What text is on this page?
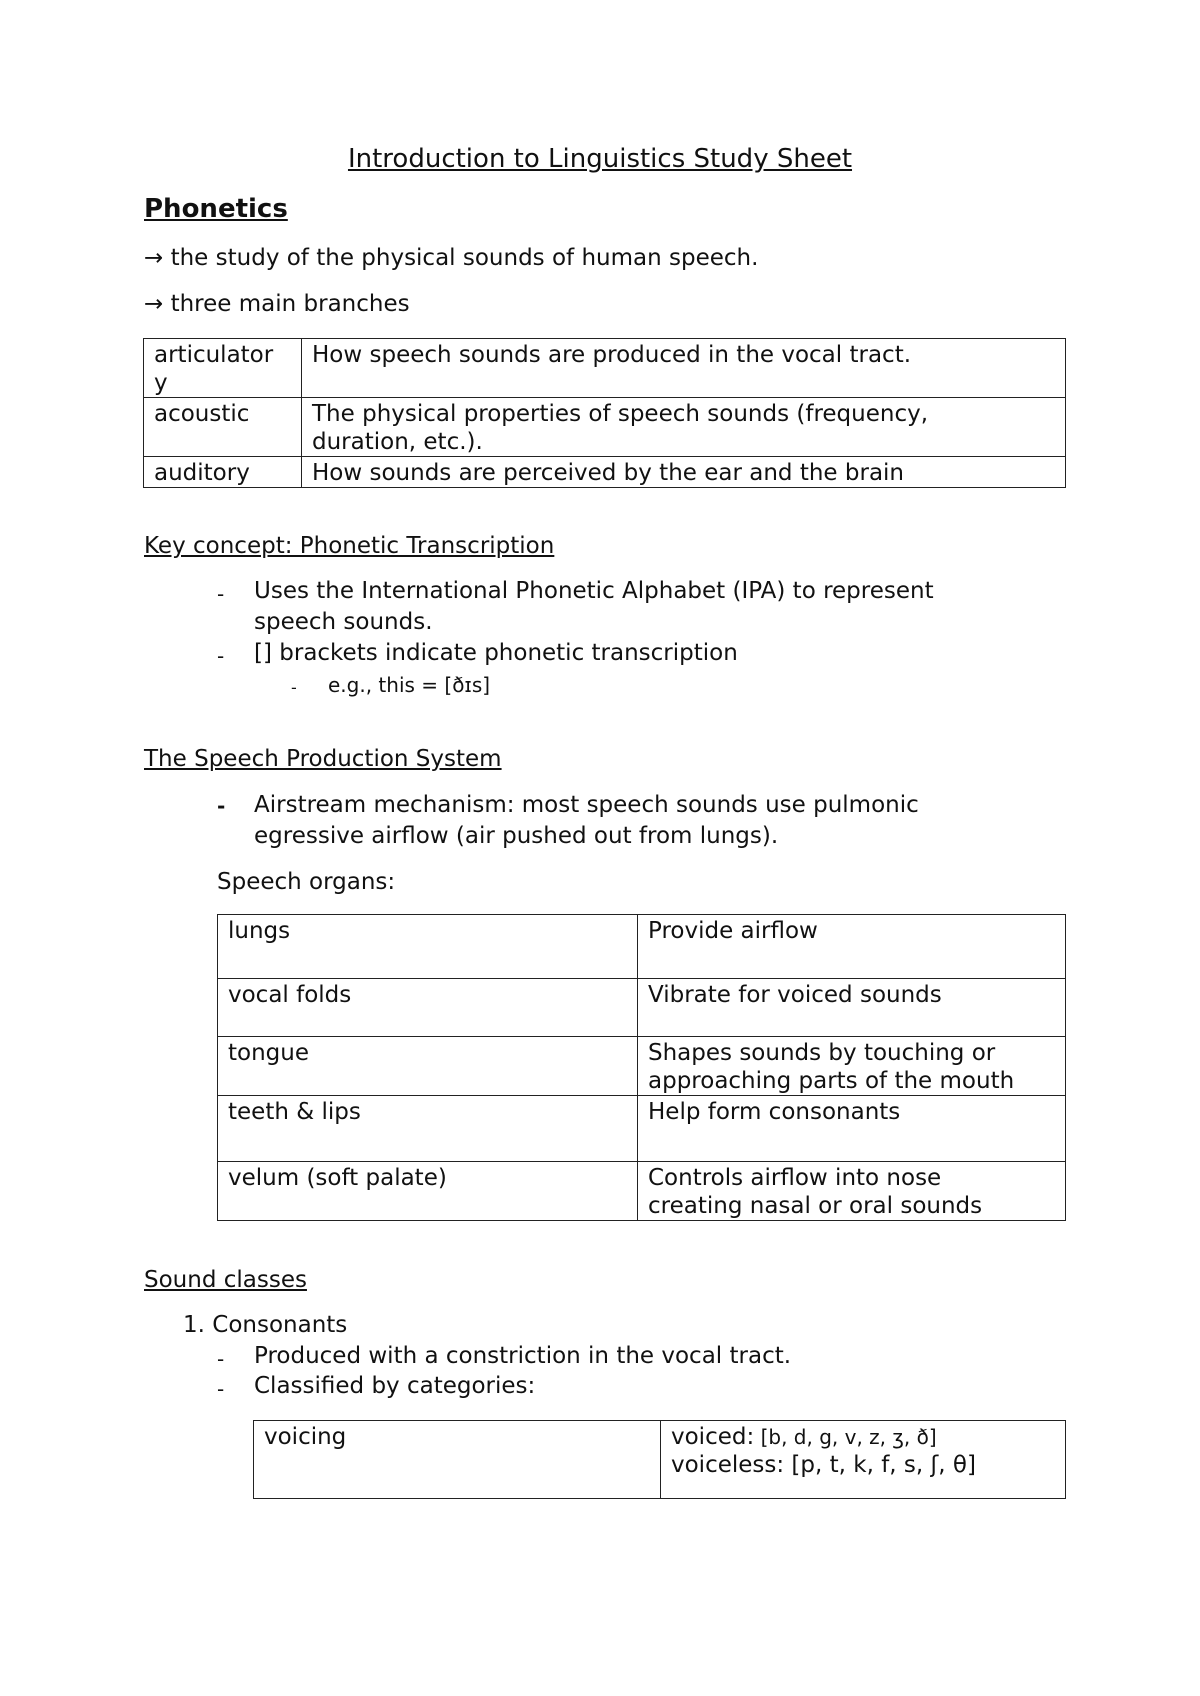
Introduction to Linguistics Study Sheet
Phonetics
→ the study of the physical sounds of human speech.
→ three main branches
articulator
y	How speech sounds are produced in the vocal tract.
acoustic	The physical properties of speech sounds (frequency,
duration, etc.).
auditory	How sounds are perceived by the ear and the brain
Key concept: Phonetic Transcription
- Uses the International Phonetic Alphabet (IPA) to represent
speech sounds.
- [] brackets indicate phonetic transcription
- e.g., this = [ðɪs]
The Speech Production System
- Airstream mechanism: most speech sounds use pulmonic
egressive airflow (air pushed out from lungs).
Speech organs:
lungs	Provide airflow
vocal folds	Vibrate for voiced sounds
tongue	Shapes sounds by touching or
approaching parts of the mouth
teeth & lips	Help form consonants
velum (soft palate)	Controls airflow into nose
creating nasal or oral sounds
Sound classes
1. Consonants
- Produced with a constriction in the vocal tract.
- Classified by categories:
voicing	voiced: [b, d, g, v, z, ʒ, ð]
voiceless: [p, t, k, f, s, ʃ, θ]
